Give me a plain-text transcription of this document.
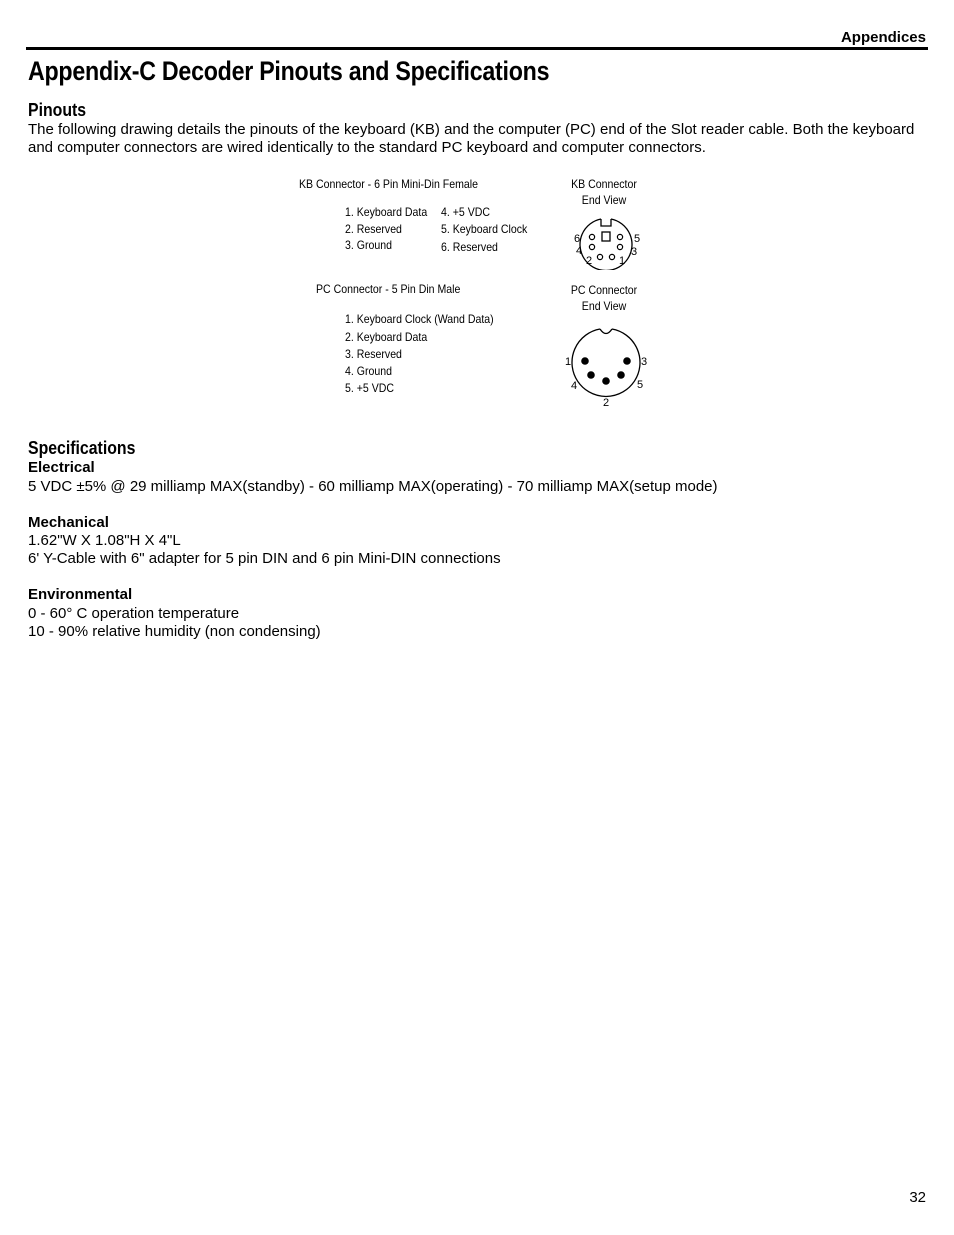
Appendices
Appendix-C Decoder Pinouts and Specifications
Pinouts
The following drawing details the pinouts of the keyboard (KB) and the computer (PC) end of the Slot reader cable. Both the keyboard and computer connectors are wired identically to the standard PC keyboard and computer connectors.
KB Connector - 6 Pin Mini-Din Female
1. Keyboard Data
2. Reserved
3. Ground
4. +5 VDC
5. Keyboard Clock
6. Reserved
KB Connector
End View
6
4
2 1
5
3
PC Connector - 5 Pin Din Male
1. Keyboard Clock (Wand Data)
2. Keyboard Data
3. Reserved
4. Ground
5. +5 VDC
PC Connector
End View
1	3
4	5
2
Specifications
Electrical
5 VDC ±5% @ 29 milliamp MAX(standby) - 60 milliamp MAX(operating) - 70 milliamp MAX(setup mode)
Mechanical
1.62"W X 1.08"H X 4"L
6' Y-Cable with 6" adapter for 5 pin DIN and 6 pin Mini-DIN connections
Environmental
0 - 60° C operation temperature
10 - 90% relative humidity (non condensing)
32
